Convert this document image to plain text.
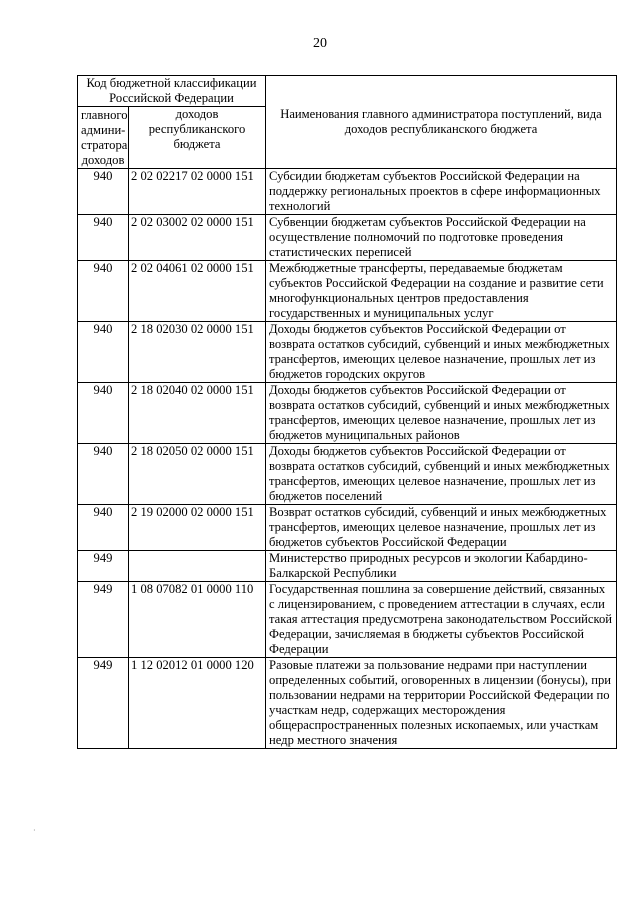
20
Код бюджетной классификации Российской Федерации		Наименования главного администратора поступлений, вида доходов республиканского бюджета
главного админи-стратора доходов	доходов республиканского бюджета	
940	2 02 02217 02 0000 151	Субсидии бюджетам субъектов Российской Федерации на поддержку региональных проектов в сфере информационных технологий
940	2 02 03002 02 0000 151	Субвенции бюджетам субъектов Российской Федерации на осуществление полномочий по подготовке проведения статистических переписей
940	2 02 04061 02 0000 151	Межбюджетные трансферты, передаваемые бюджетам субъектов Российской Федерации на создание и развитие сети многофункциональных центров предоставления государственных и муниципальных услуг
940	2 18 02030 02 0000 151	Доходы бюджетов субъектов Российской Федерации от возврата остатков субсидий, субвенций и иных межбюджетных трансфертов, имеющих целевое назначение, прошлых лет из бюджетов городских округов
940	2 18 02040 02 0000 151	Доходы бюджетов субъектов Российской Федерации от возврата остатков субсидий, субвенций и иных межбюджетных трансфертов, имеющих целевое назначение, прошлых лет из бюджетов муниципальных районов
940	2 18 02050 02 0000 151	Доходы бюджетов субъектов Российской Федерации от возврата остатков субсидий, субвенций и иных межбюджетных трансфертов, имеющих целевое назначение, прошлых лет из бюджетов поселений
940	2 19 02000 02 0000 151	Возврат остатков субсидий, субвенций и иных межбюджетных трансфертов, имеющих целевое назначение, прошлых лет из бюджетов субъектов Российской Федерации
949		Министерство природных ресурсов и экологии Кабардино-Балкарской Республики
949	1 08 07082 01 0000 110	Государственная пошлина за совершение действий, связанных с лицензированием, с проведением аттестации в случаях, если такая аттестация предусмотрена законодательством Российской Федерации, зачисляемая в бюджеты субъектов Российской Федерации
949	1 12 02012 01 0000 120	Разовые платежи за пользование недрами при наступлении определенных событий, оговоренных в лицензии (бонусы), при пользовании недрами на территории Российской Федерации по участкам недр, содержащих месторождения общераспространенных полезных ископаемых, или участкам недр местного значения
·
